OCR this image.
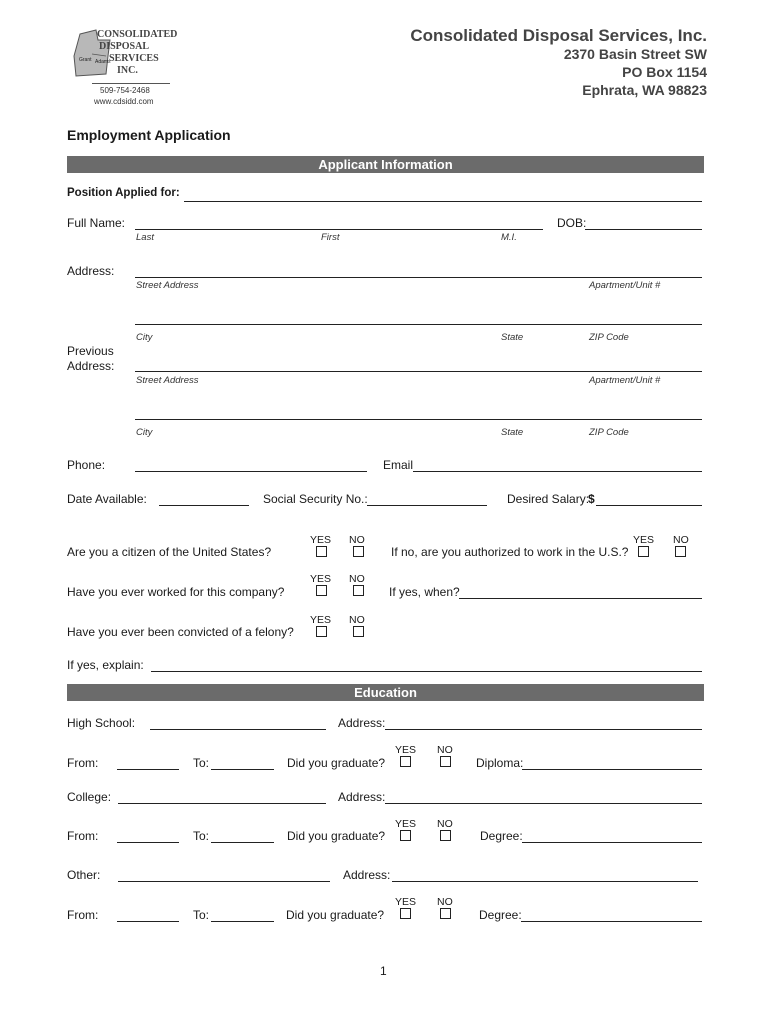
Grant Adams
CONSOLIDATED
DISPOSAL
SERVICES
INC.
509-754-2468
www.cdsidd.com
Consolidated Disposal Services, Inc.
2370 Basin Street SW
PO Box 1154
Ephrata, WA 98823
Employment Application
Applicant Information
Position Applied for:
Full Name:
Last	First	M.I.
DOB:
Address:
Street Address	Apartment/Unit #
City	State	ZIP Code
Previous
Address:
Street Address	Apartment/Unit #
City	State	ZIP Code
Phone:	Email
Date Available:	Social Security No.:	Desired Salary:
$
YES NO
Are you a citizen of the United States?
YES NO
If no, are you authorized to work in the U.S.?
YES NO
Have you ever worked for this company?	If yes, when?
YES NO
Have you ever been convicted of a felony?
If yes, explain:
Education
High School:	Address:
YES NO
From:	To:	Did you graduate?	Diploma:
College:	Address:
YES NO
From:	To:	Did you graduate?	Degree:
Other:	Address:
YES NO
From:	To:	Did you graduate?	Degree:
1
